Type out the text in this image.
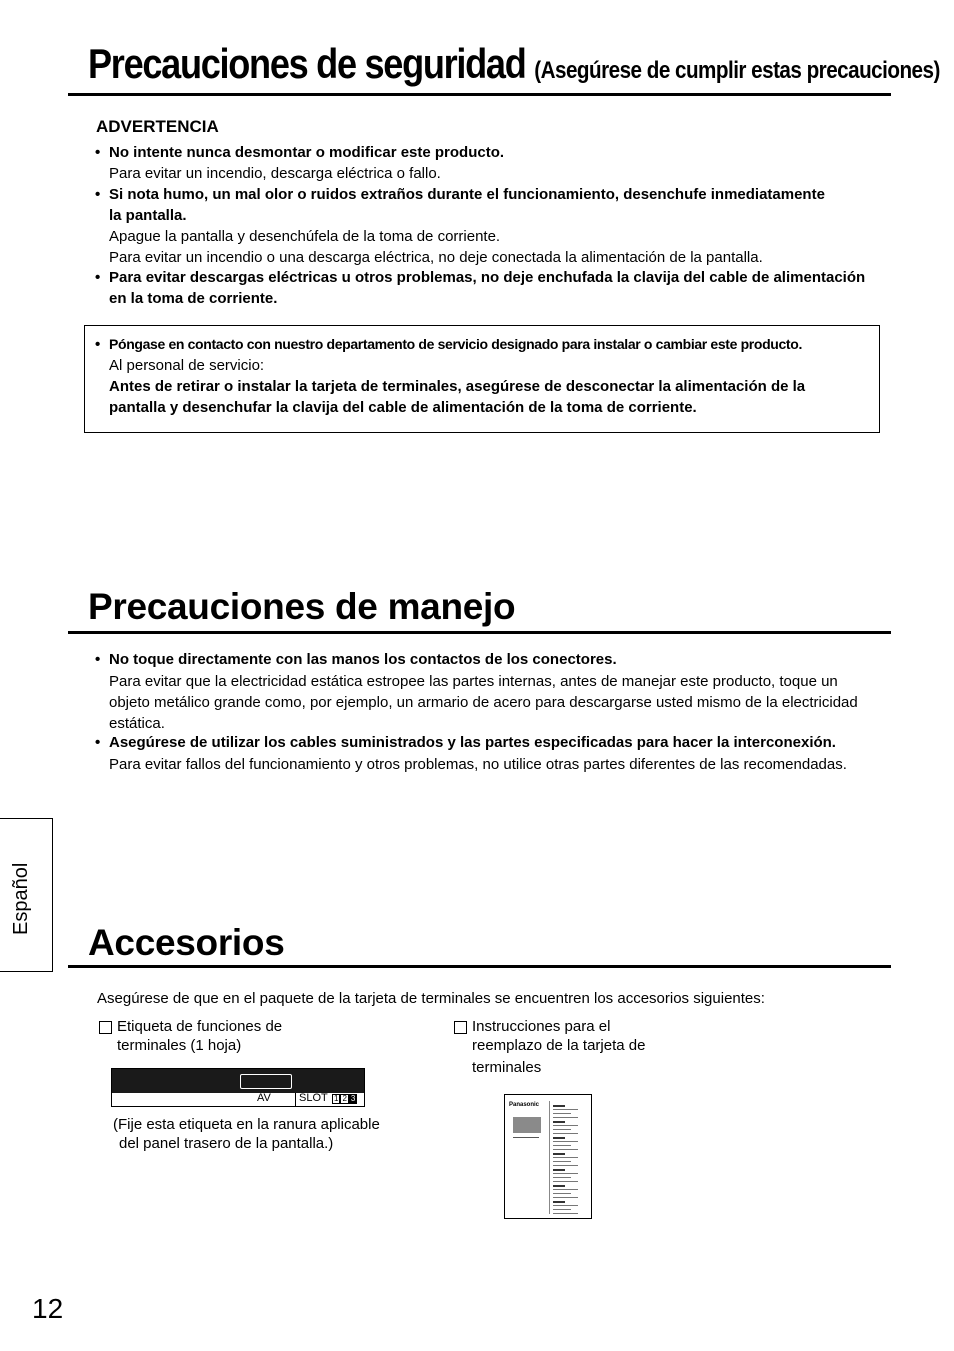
Precauciones de seguridad (Asegúrese de cumplir estas precauciones)
ADVERTENCIA
• No intente nunca desmontar o modificar este producto.
Para evitar un incendio, descarga eléctrica o fallo.
• Si nota humo, un mal olor o ruidos extraños durante el funcionamiento, desenchufe inmediatamente
la pantalla.
Apague la pantalla y desenchúfela de la toma de corriente.
Para evitar un incendio o una descarga eléctrica, no deje conectada la alimentación de la pantalla.
• Para evitar descargas eléctricas u otros problemas, no deje enchufada la clavija del cable de alimentación
en la toma de corriente.
• Póngase en contacto con nuestro departamento de servicio designado para instalar o cambiar este producto.
Al personal de servicio:
Antes de retirar o instalar la tarjeta de terminales, asegúrese de desconectar la alimentación de la
pantalla y desenchufar la clavija del cable de alimentación de la toma de corriente.
Precauciones de manejo
• No toque directamente con las manos los contactos de los conectores.
Para evitar que la electricidad estática estropee las partes internas, antes de manejar este producto, toque un
objeto metálico grande como, por ejemplo, un armario de acero para descargarse usted mismo de la electricidad
estática.
• Asegúrese de utilizar los cables suministrados y las partes especificadas para hacer la interconexión.
Para evitar fallos del funcionamiento y otros problemas, no utilice otras partes diferentes de las recomendadas.
Español
Accesorios
Asegúrese de que en el paquete de la tarjeta de terminales se encuentren los accesorios siguientes:
Etiqueta de funciones de
terminales (1 hoja)
AV	SLOT 1 2 3
(Fije esta etiqueta en la ranura aplicable
del panel trasero de la pantalla.)
Instrucciones para el
reemplazo de la tarjeta de
terminales
Panasonic
12
